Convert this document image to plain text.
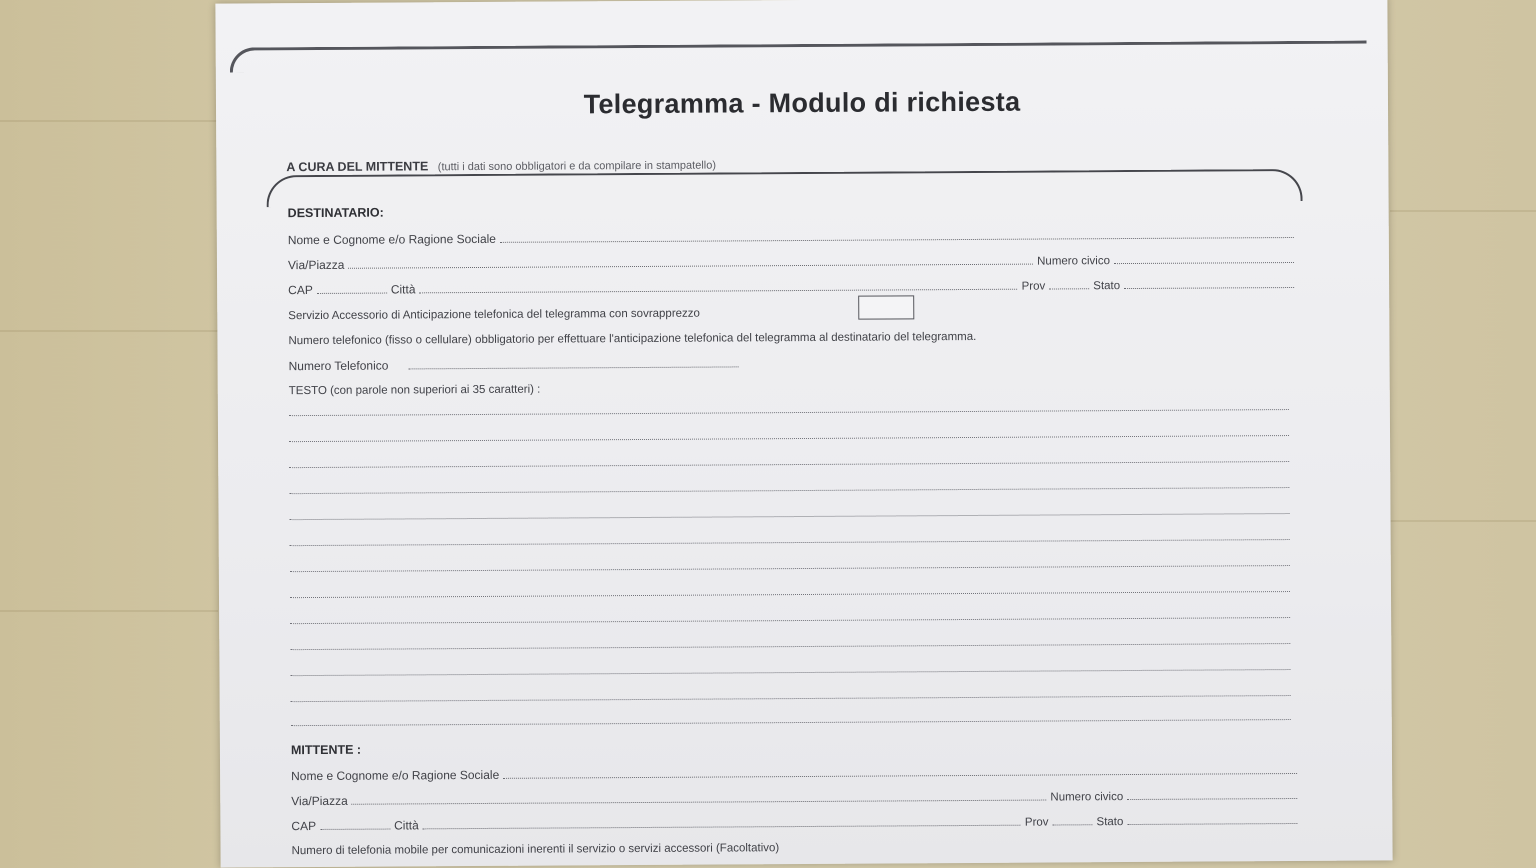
Telegramma - Modulo di richiesta
A CURA DEL MITTENTE (tutti i dati sono obbligatori e da compilare in stampatello)
DESTINATARIO:
Nome e Cognome e/o Ragione Sociale
Via/Piazza	Numero civico
CAP	Città	Prov	Stato
Servizio Accessorio di Anticipazione telefonica del telegramma con sovrapprezzo
Numero telefonico (fisso o cellulare) obbligatorio per effettuare l'anticipazione telefonica del telegramma al destinatario del telegramma.
Numero Telefonico
TESTO (con parole non superiori ai 35 caratteri) :
MITTENTE :
Nome e Cognome e/o Ragione Sociale
Via/Piazza	Numero civico
CAP	Città	Prov	Stato
Numero di telefonia mobile per comunicazioni inerenti il servizio o servizi accessori (Facoltativo)
